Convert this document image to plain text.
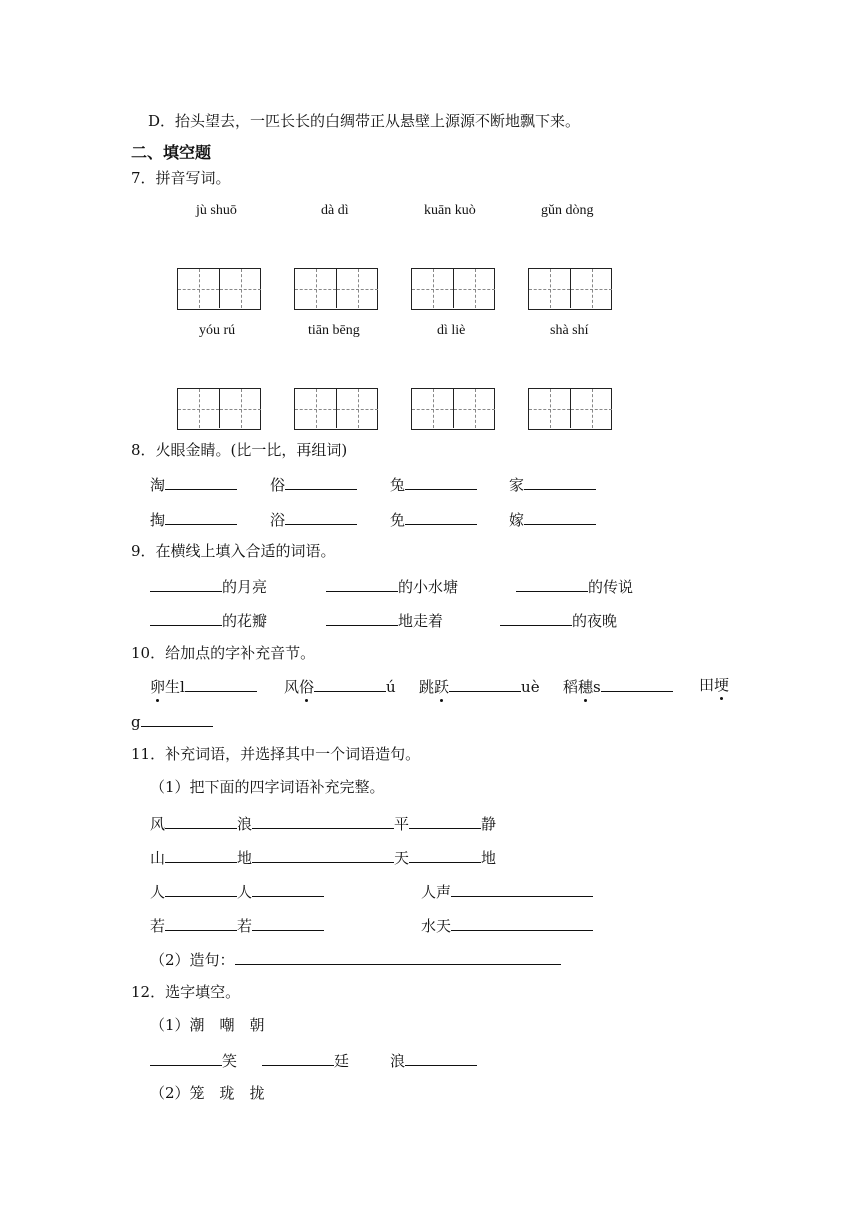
D．抬头望去，一匹长长的白绸带正从悬壁上源源不断地飘下来。
二、填空题
7．拼音写词。
jù shuō	dà dì	kuān kuò	gǔn dòng
yóu rú	tiān bēng	dì liè	shà shí
8．火眼金睛。(比一比，再组词)
淘	俗	兔	家
掏	浴	免	嫁
9．在横线上填入合适的词语。
的月亮	的小水塘	的传说
的花瓣	地走着	的夜晚
10．给加点的字补充音节。
卵生l	风俗	ú 跳跃	uè 稻穗s	田埂
g
11．补充词语，并选择其中一个词语造句。
（1）把下面的四字词语补充完整。
风	浪	平	静
山	地	天	地
人	人	人声
若	若	水天
（2）造句：
12．选字填空。
（1）潮　嘲　朝
笑	廷	浪
（2）笼　珑　拢
